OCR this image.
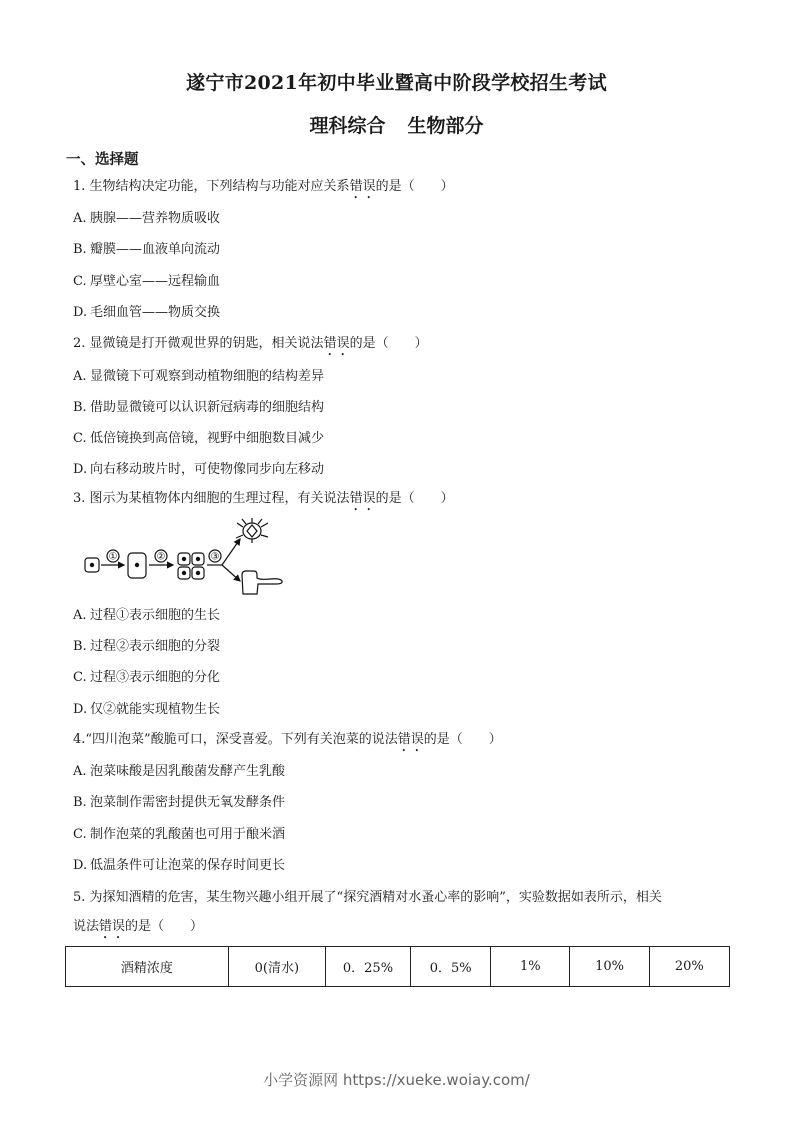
遂宁市2021年初中毕业暨高中阶段学校招生考试
理科综合 生物部分
一、选择题
1. 生物结构决定功能，下列结构与功能对应关系错误的是（ ）
A. 胰腺——营养物质吸收
B. 瓣膜——血液单向流动
C. 厚壁心室——远程输血
D. 毛细血管——物质交换
2. 显微镜是打开微观世界的钥匙，相关说法错误的是（ ）
A. 显微镜下可观察到动植物细胞的结构差异
B. 借助显微镜可以认识新冠病毒的细胞结构
C. 低倍镜换到高倍镜，视野中细胞数目减少
D. 向右移动玻片时，可使物像同步向左移动
3. 图示为某植物体内细胞的生理过程，有关说法错误的是（ ）
①	②	③
A. 过程①表示细胞的生长
B. 过程②表示细胞的分裂
C. 过程③表示细胞的分化
D. 仅②就能实现植物生长
4.“四川泡菜”酸脆可口，深受喜爱。下列有关泡菜的说法错误的是（ ）
A. 泡菜味酸是因乳酸菌发酵产生乳酸
B. 泡菜制作需密封提供无氧发酵条件
C. 制作泡菜的乳酸菌也可用于酿米酒
D. 低温条件可让泡菜的保存时间更长
5. 为探知酒精的危害，某生物兴趣小组开展了“探究酒精对水蚤心率的影响”，实验数据如表所示，相关
说法错误的是（ ）
酒精浓度	0(清水)	0．25%	0．5%	1%	10%	20%
小学资源网 https://xueke.woiay.com/
